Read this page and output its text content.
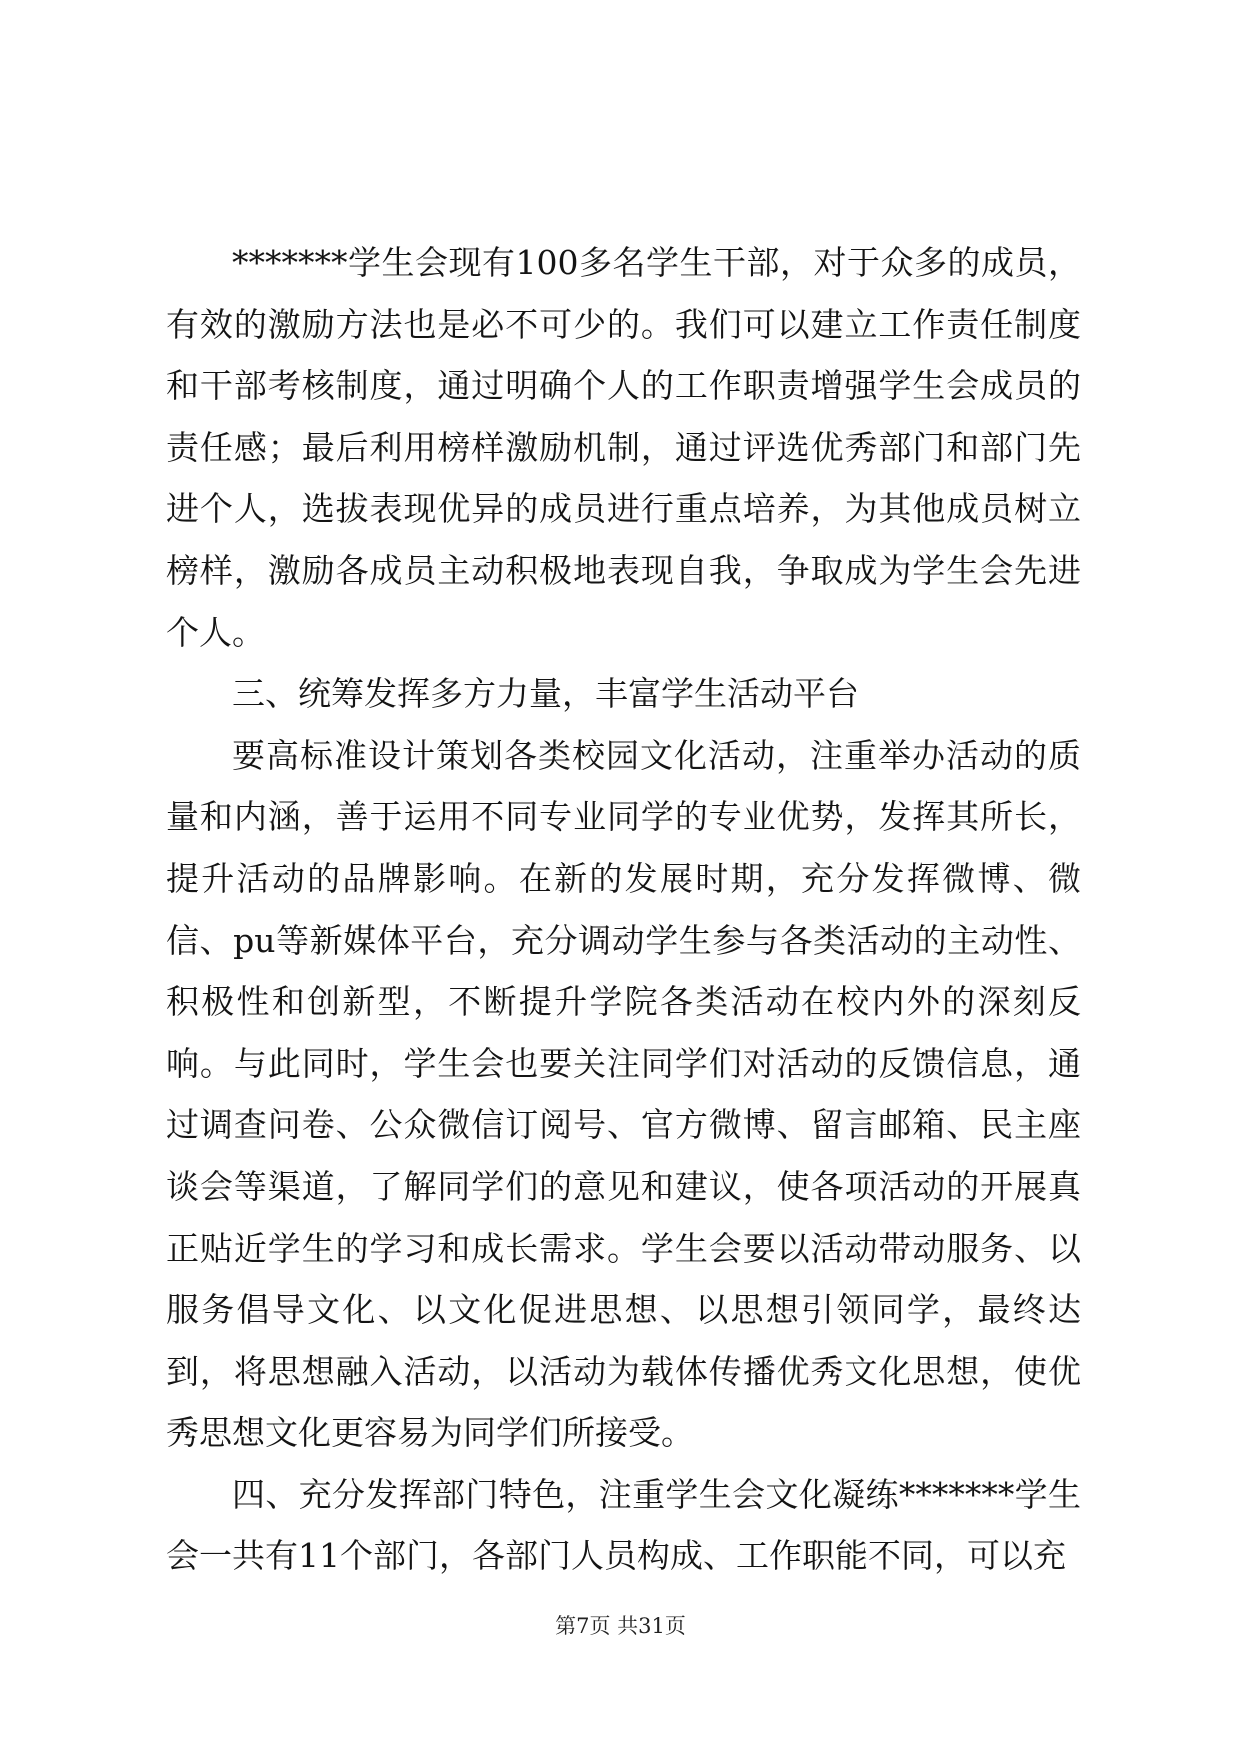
*******学生会现有100多名学生干部，对于众多的成员，有效的激励方法也是必不可少的。我们可以建立工作责任制度和干部考核制度，通过明确个人的工作职责增强学生会成员的责任感；最后利用榜样激励机制，通过评选优秀部门和部门先进个人，选拔表现优异的成员进行重点培养，为其他成员树立榜样，激励各成员主动积极地表现自我，争取成为学生会先进个人。

三、统筹发挥多方力量，丰富学生活动平台

要高标准设计策划各类校园文化活动，注重举办活动的质量和内涵，善于运用不同专业同学的专业优势，发挥其所长，提升活动的品牌影响。在新的发展时期，充分发挥微博、微信、pu等新媒体平台，充分调动学生参与各类活动的主动性、积极性和创新型，不断提升学院各类活动在校内外的深刻反响。与此同时，学生会也要关注同学们对活动的反馈信息，通过调查问卷、公众微信订阅号、官方微博、留言邮箱、民主座谈会等渠道，了解同学们的意见和建议，使各项活动的开展真正贴近学生的学习和成长需求。学生会要以活动带动服务、以服务倡导文化、以文化促进思想、以思想引领同学，最终达到，将思想融入活动，以活动为载体传播优秀文化思想，使优秀思想文化更容易为同学们所接受。

四、充分发挥部门特色，注重学生会文化凝练*******学生会一共有11个部门，各部门人员构成、工作职能不同，可以充

第7页 共31页
